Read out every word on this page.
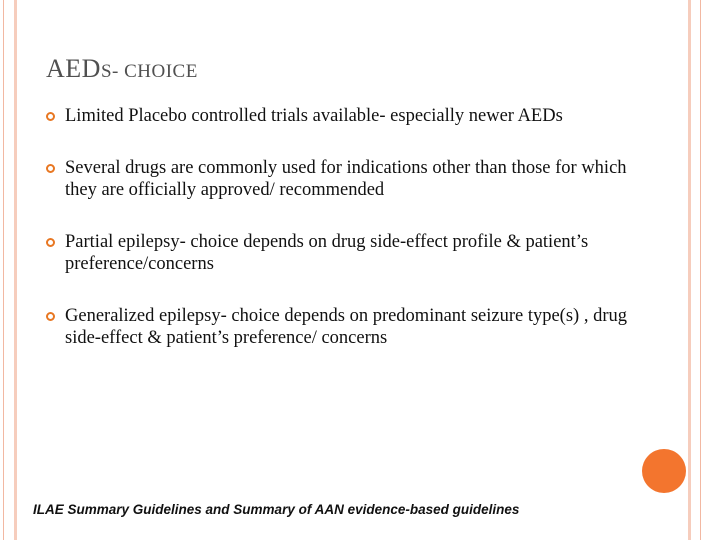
AEDS- CHOICE
Limited Placebo controlled trials available- especially newer AEDs
Several drugs are commonly used for indications other than those for which they are officially approved/ recommended
Partial epilepsy- choice depends on drug side-effect profile & patient’s preference/concerns
Generalized epilepsy- choice depends on predominant seizure type(s) , drug side-effect & patient’s preference/ concerns
ILAE Summary Guidelines and Summary of AAN evidence-based guidelines
